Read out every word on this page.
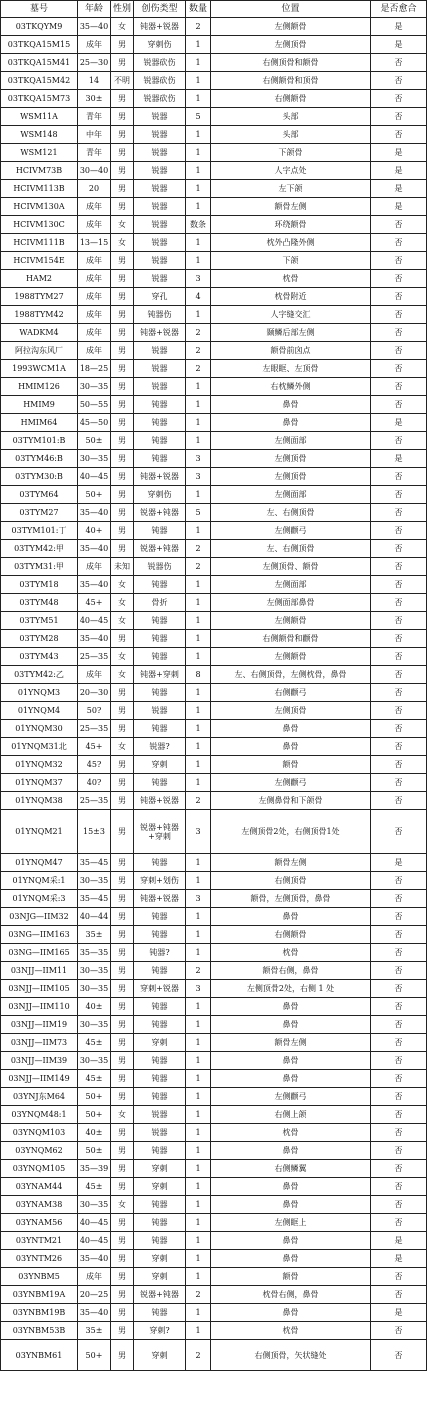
墓号	年龄	性别	创伤类型	数量	位置	是否愈合
03TKQYM9	35—40	女	钝器+锐器	2	左侧额骨	是
03TKQA15M15	成年	男	穿刺伤	1	左侧顶骨	是
03TKQA15M41	25—30	男	锐器砍伤	1	右侧顶骨和额骨	否
03TKQA15M42	14	不明	锐器砍伤	1	右侧额骨和顶骨	否
03TKQA15M73	30±	男	锐器砍伤	1	右侧额骨	否
WSM11A	青年	男	锐器	5	头部	否
WSM148	中年	男	锐器	1	头部	否
WSM121	青年	男	锐器	1	下颌骨	是
HCIVM73B	30—40	男	锐器	1	人字点处	是
HCIVM113B	20	男	锐器	1	左下颌	是
HCIVM130A	成年	男	锐器	1	额骨左侧	是
HCIVM130C	成年	女	锐器	数条	环绕额骨	否
HCIVM111B	13—15	女	锐器	1	枕外凸隆外侧	否
HCIVM154E	成年	男	锐器	1	下颌	否
HAM2	成年	男	锐器	3	枕骨	否
1988TYM27	成年	男	穿孔	4	枕骨附近	否
1988TYM42	成年	男	钝器伤	1	人字缝交汇	否
WADKM4	成年	男	钝器+锐器	2	颞鳞后部左侧	否
阿拉沟东风厂	成年	男	锐器	2	额骨前囟点	否
1993WCM1A	18—25	男	锐器	2	左眼眶、左顶骨	否
HMIM126	30—35	男	锐器	1	右枕鳞外侧	否
HMIM9	50—55	男	钝器	1	鼻骨	否
HMIM64	45—50	男	钝器	1	鼻骨	是
03TYM101:B	50±	男	钝器	1	左侧面部	否
03TYM46:B	30—35	男	钝器	3	左侧顶骨	是
03TYM30:B	40—45	男	钝器+锐器	3	左侧顶骨	否
03TYM64	50+	男	穿刺伤	1	左侧面部	否
03TYM27	35—40	男	锐器+钝器	5	左、右侧顶骨	否
03TYM101:丁	40+	男	钝器	1	左侧颧弓	否
03TYM42:甲	35—40	男	锐器+钝器	2	左、右侧顶骨	否
03TYM31:甲	成年	未知	锐器伤	2	左侧顶骨、额骨	否
03TYM18	35—40	女	钝器	1	左侧面部	否
03TYM48	45+	女	骨折	1	左侧面部鼻骨	否
03TYM51	40—45	女	钝器	1	左侧额骨	否
03TYM28	35—40	男	钝器	1	右侧额骨和颧骨	否
03TYM43	25—35	女	钝器	1	左侧额骨	否
03TYM42:乙	成年	女	钝器+穿刺	8	左、右侧顶骨，左侧枕骨，鼻骨	否
01YNQM3	20—30	男	钝器	1	右侧颧弓	否
01YNQM4	50?	男	锐器	1	左侧顶骨	否
01YNQM30	25—35	男	钝器	1	鼻骨	否
01YNQM31北	45+	女	锐器?	1	鼻骨	否
01YNQM32	45?	男	穿刺	1	额骨	否
01YNQM37	40?	男	钝器	1	左侧颧弓	否
01YNQM38	25—35	男	钝器+锐器	2	左侧鼻骨和下颌骨	否
01YNQM21	15±3	男	锐器+钝器+穿刺	3	左侧顶骨2处，右侧顶骨1处	否
01YNQM47	35—45	男	钝器	1	额骨左侧	是
01YNQM采:1	30—35	男	穿刺+划伤	1	右侧顶骨	否
01YNQM采:3	35—45	男	钝器+锐器	3	额骨，左侧顶骨，鼻骨	否
03NJG—IIM32	40—44	男	钝器	1	鼻骨	否
03NG—IIM163	35±	男	钝器	1	右侧额骨	否
03NG—IIM165	35—35	男	钝器?	1	枕骨	否
03NJJ—IIM11	30—35	男	钝器	2	额骨右侧，鼻骨	否
03NJJ—IIM105	30—35	男	穿刺+锐器	3	左侧顶骨2处，右侧 1 处	否
03NJJ—IIM110	40±	男	钝器	1	鼻骨	否
03NJJ—IIM19	30—35	男	钝器	1	鼻骨	否
03NJJ—IIM73	45±	男	穿刺	1	额骨左侧	否
03NJJ—IIM39	30—35	男	钝器	1	鼻骨	否
03NJJ—IIM149	45±	男	钝器	1	鼻骨	否
03YNJ东M64	50+	男	钝器	1	左侧颧弓	否
03YNQM48:1	50+	女	锐器	1	右侧上颌	否
03YNQM103	40±	男	锐器	1	枕骨	否
03YNQM62	50±	男	钝器	1	鼻骨	否
03YNQM105	35—39	男	穿刺	1	右侧鳞翼	否
03YNAM44	45±	男	穿刺	1	鼻骨	否
03YNAM38	30—35	女	钝器	1	鼻骨	否
03YNAM56	40—45	男	钝器	1	左侧眶上	否
03YNTM21	40—45	男	钝器	1	鼻骨	是
03YNTM26	35—40	男	穿刺	1	鼻骨	是
03YNBM5	成年	男	穿刺	1	额骨	否
03YNBM19A	20—25	男	锐器+钝器	2	枕骨右侧，鼻骨	否
03YNBM19B	35—40	男	钝器	1	鼻骨	是
03YNBM53B	35±	男	穿刺?	1	枕骨	否
03YNBM61	50+	男	穿刺	2	右侧顶骨，矢状缝处	否
